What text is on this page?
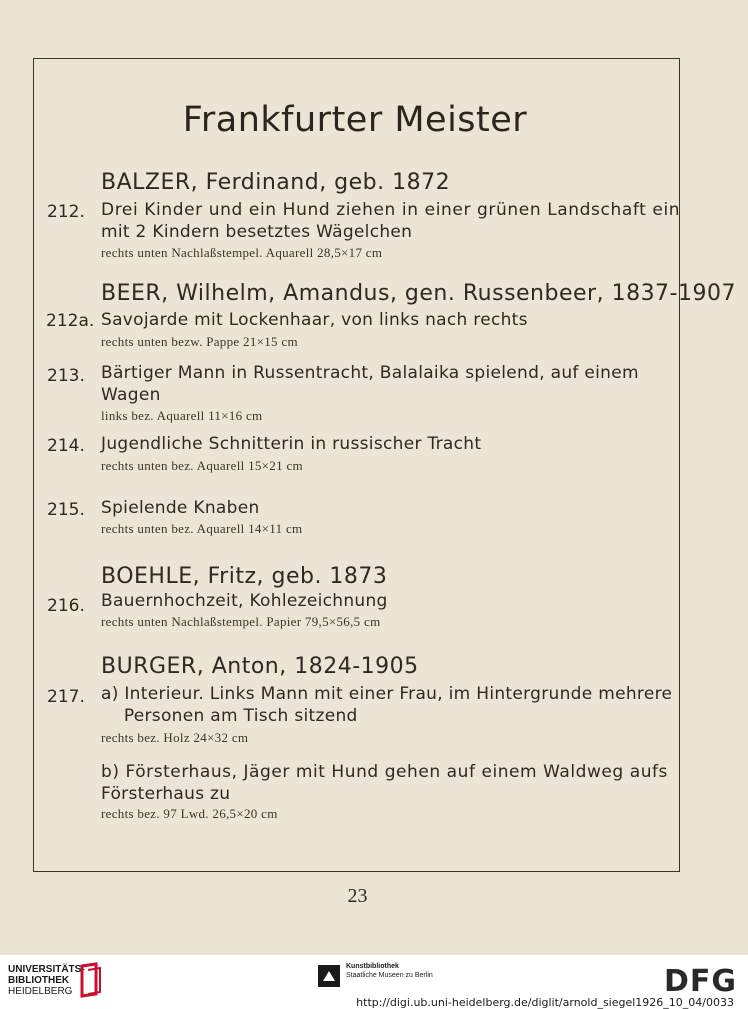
Frankfurter Meister
BALZER, Ferdinand, geb. 1872
212. Drei Kinder und ein Hund ziehen in einer grünen Landschaft ein
mit 2 Kindern besetztes Wägelchen
rechts unten Nachlaßstempel. Aquarell 28,5×17 cm
BEER, Wilhelm, Amandus, gen. Russenbeer, 1837-1907
212a. Savojarde mit Lockenhaar, von links nach rechts
rechts unten bezw. Pappe 21×15 cm
213. Bärtiger Mann in Russentracht, Balalaika spielend, auf einem
Wagen
links bez. Aquarell 11×16 cm
214. Jugendliche Schnitterin in russischer Tracht
rechts unten bez. Aquarell 15×21 cm
215. Spielende Knaben
rechts unten bez. Aquarell 14×11 cm
BOEHLE, Fritz, geb. 1873
216. Bauernhochzeit, Kohlezeichnung
rechts unten Nachlaßstempel. Papier 79,5×56,5 cm
BURGER, Anton, 1824-1905
217. a) Interieur. Links Mann mit einer Frau, im Hintergrunde mehrere
Personen am Tisch sitzend
rechts bez. Holz 24×32 cm
b) Försterhaus, Jäger mit Hund gehen auf einem Waldweg aufs
Försterhaus zu
rechts bez. 97 Lwd. 26,5×20 cm
23
UNIVERSITÄTS-
BIBLIOTHEK
HEIDELBERG
Kunstbibliothek
Staatliche Museen zu Berlin	DFG
http://digi.ub.uni-heidelberg.de/diglit/arnold_siegel1926_10_04/0033
